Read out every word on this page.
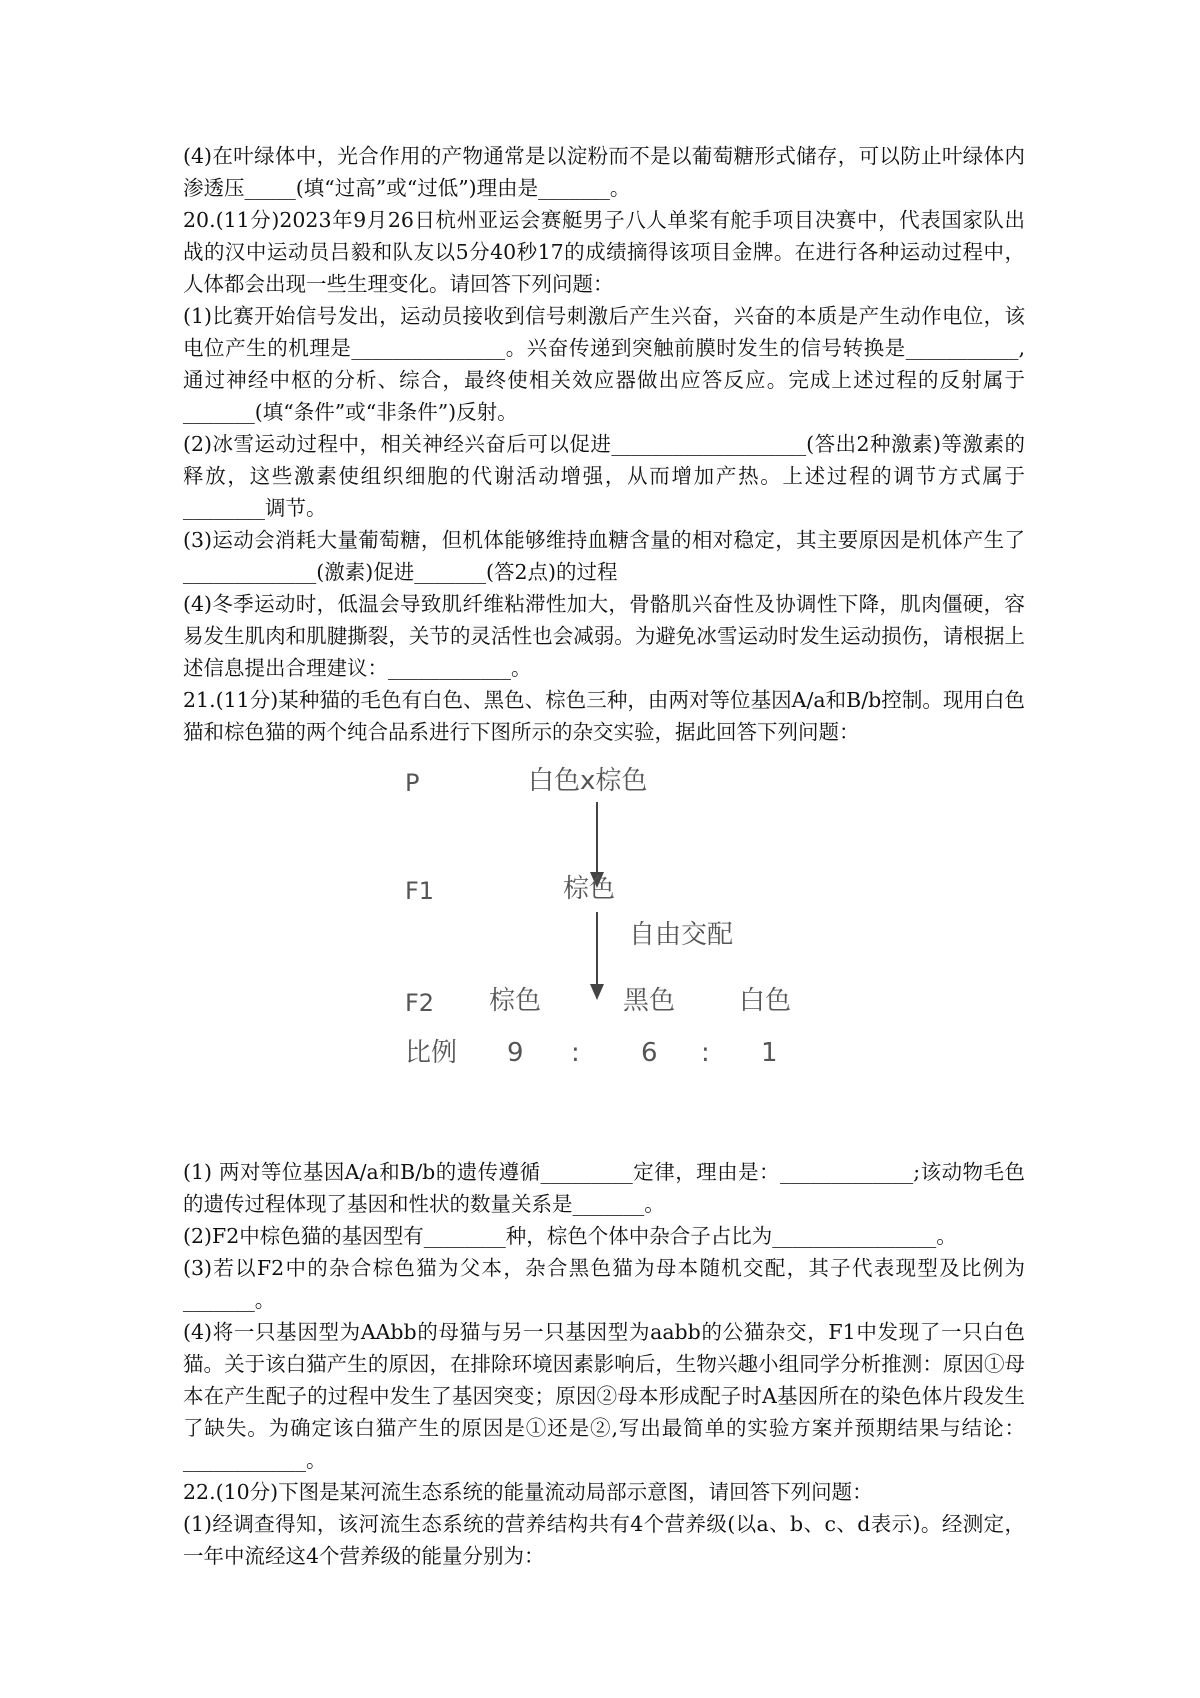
(4)在叶绿体中，光合作用的产物通常是以淀粉而不是以葡萄糖形式储存，可以防止叶绿体内渗透压_____(填“过高”或“过低”)理由是_______。

20.(11分)2023年9月26日杭州亚运会赛艇男子八人单桨有舵手项目决赛中，代表国家队出战的汉中运动员吕毅和队友以5分40秒17的成绩摘得该项目金牌。在进行各种运动过程中，人体都会出现一些生理变化。请回答下列问题：

(1)比赛开始信号发出，运动员接收到信号刺激后产生兴奋，兴奋的本质是产生动作电位，该电位产生的机理是_______________。兴奋传递到突触前膜时发生的信号转换是___________,通过神经中枢的分析、综合，最终使相关效应器做出应答反应。完成上述过程的反射属于_______(填“条件”或“非条件”)反射。

(2)冰雪运动过程中，相关神经兴奋后可以促进___________________(答出2种激素)等激素的释放，这些激素使组织细胞的代谢活动增强，从而增加产热。上述过程的调节方式属于________调节。

(3)运动会消耗大量葡萄糖，但机体能够维持血糖含量的相对稳定，其主要原因是机体产生了_____________(激素)促进_______(答2点)的过程

(4)冬季运动时，低温会导致肌纤维粘滞性加大，骨骼肌兴奋性及协调性下降，肌肉僵硬，容易发生肌肉和肌腱撕裂，关节的灵活性也会减弱。为避免冰雪运动时发生运动损伤，请根据上述信息提出合理建议：____________。

21.(11分)某种猫的毛色有白色、黑色、棕色三种，由两对等位基因A/a和B/b控制。现用白色猫和棕色猫的两个纯合品系进行下图所示的杂交实验，据此回答下列问题：

P	白色x棕色
F1	棕色
自由交配
F2 棕色	黑色 白色
比例 9 : 6 : 1

(1) 两对等位基因A/a和B/b的遗传遵循_________定律，理由是：_____________;该动物毛色的遗传过程体现了基因和性状的数量关系是_______。

(2)F2中棕色猫的基因型有________种，棕色个体中杂合子占比为________________。

(3)若以F2中的杂合棕色猫为父本，杂合黑色猫为母本随机交配，其子代表现型及比例为_______。

(4)将一只基因型为AAbb的母猫与另一只基因型为aabb的公猫杂交，F1中发现了一只白色猫。关于该白猫产生的原因，在排除环境因素影响后，生物兴趣小组同学分析推测：原因①母本在产生配子的过程中发生了基因突变；原因②母本形成配子时A基因所在的染色体片段发生了缺失。为确定该白猫产生的原因是①还是②,写出最简单的实验方案并预期结果与结论：____________。

22.(10分)下图是某河流生态系统的能量流动局部示意图，请回答下列问题：

(1)经调查得知，该河流生态系统的营养结构共有4个营养级(以a、b、c、d表示)。经测定，一年中流经这4个营养级的能量分别为：
